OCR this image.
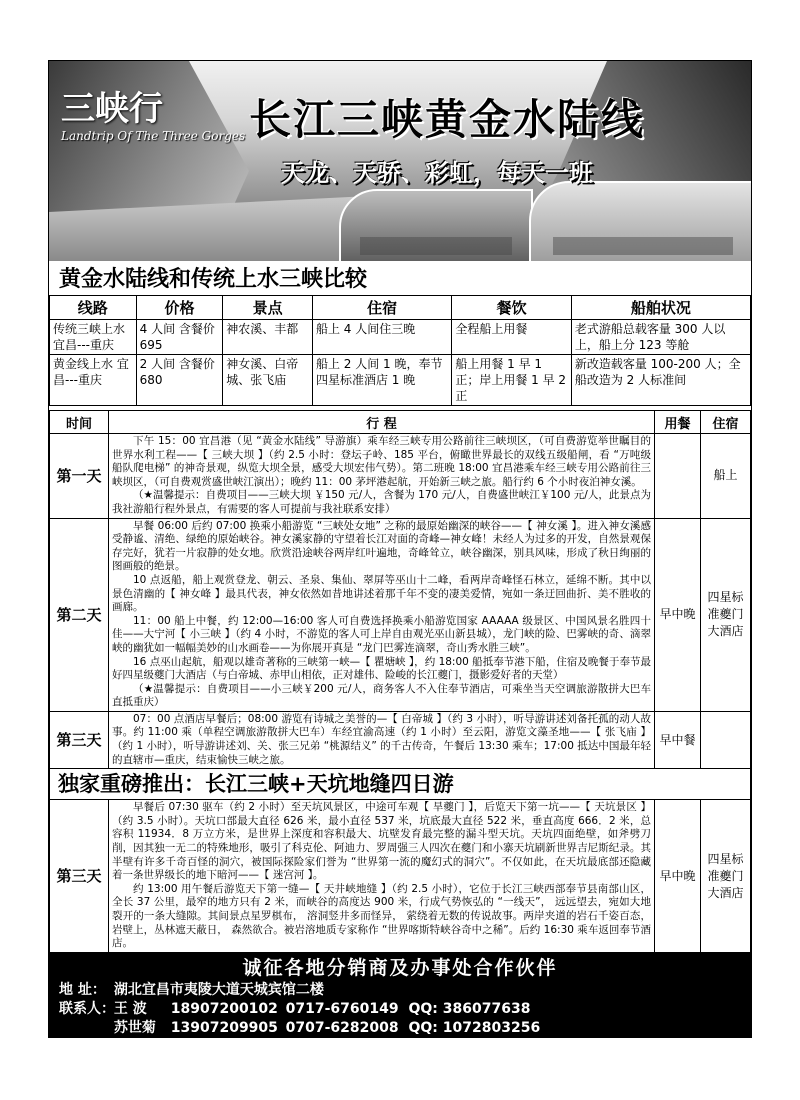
三峡行
Landtrip Of The Three Gorges 长江三峡黄金水陆线
天龙、天骄、彩虹，每天一班
黄金水陆线和传统上水三峡比较
线路	价格	景点	住宿	餐饮	船舶状况
传统三峡上水 宜昌---重庆	4 人间 含餐价 695	神农溪、丰都	船上 4 人间住三晚	全程船上用餐	老式游船总载客量 300 人以上，船上分 123 等舱
黄金线上水 宜昌---重庆	2 人间 含餐价 680	神女溪、白帝城、张飞庙	船上 2 人间 1 晚，奉节四星标准酒店 1 晚	船上用餐 1 早 1 正；岸上用餐 1 早 2 正	新改造载客量 100-200 人；全船改造为 2 人标准间
时间	行 程	用餐	住宿
第一天	下午 15：00 宜昌港（见 “黄金水陆线” 导游旗）乘车经三峡专用公路前往三峡坝区，（可自费游览举世瞩目的世界水利工程——【 三峡大坝 】（约 2.5 小时：登坛子岭、185 平台，俯瞰世界最长的双线五级船闸，看 “万吨级船队爬电梯” 的神奇景观，纵览大坝全景，感受大坝宏伟气势）。第二班晚 18:00 宜昌港乘车经三峡专用公路前往三峡坝区，（可自费观赏盛世峡江演出）；晚约 11：00 茅坪港起航，开始新三峡之旅。船行约 6 个小时夜泊神女溪。

（★温馨提示：自费项目——三峡大坝 ￥150 元/人，含餐为 170 元/人，自费盛世峡江￥100 元/人，此景点为我社游船行程外景点，有需要的客人可提前与我社联系安排）		船上
第二天	早餐 06:00 后约 07:00 换乘小船游览 “三峡处女地” 之称的最原始幽深的峡谷——【 神女溪 】。进入神女溪感受静谧、清绝、绿绝的原始峡谷。神女溪家静的守望着长江对面的奇峰—神女峰！未经人为过多的开发，自然景观保存完好，犹若一片寂静的处女地。欣赏沿途峡谷两岸红叶遍地，奇峰耸立，峡谷幽深，别具风味，形成了秋日绚丽的图画般的绝景。

10 点返船，船上观赏登龙、朝云、圣泉、集仙、翠屏等巫山十二峰，看两岸奇峰怪石林立，延绵不断。其中以景色清幽的【 神女峰 】最具代表，神女依然如昔地讲述着那千年不变的凄美爱情，宛如一条迂回曲折、美不胜收的画廊。

11：00 船上中餐，约 12:00—16:00 客人可自费选择换乘小船游览国家 AAAAA 级景区、中国风景名胜四十佳——大宁河【 小三峡 】（约 4 小时，不游览的客人可上岸自由观光巫山新县城），龙门峡的险、巴雾峡的奇、滴翠峡的幽犹如一幅幅美妙的山水画卷——为你展开真是 “龙门巴雾连滴翠，奇山秀水胜三峡”。

16 点巫山起航，船观以雄奇著称的三峡第一峡—【 瞿塘峡 】，约 18:00 船抵奉节港下船，住宿及晚餐于奉节最好四星级夔门大酒店（与白帝城、赤甲山相依，正对雄伟、险峻的长江夔门，摄影爱好者的天堂）

（★温馨提示：自费项目——小三峡￥200 元/人，商务客人不入住奉节酒店，可乘坐当天空调旅游散拼大巴车直抵重庆）	早中晚	四星标准夔门大酒店
第三天	07：00 点酒店早餐后；08:00 游览有诗城之美誉的—【 白帝城 】（约 3 小时），听导游讲述刘备托孤的动人故事。约 11:00 乘（单程空调旅游散拼大巴车）车经宜渝高速（约 1 小时）至云阳，游览文藻圣地——【 张飞庙 】（约 1 小时），听导游讲述刘、关、张三兄弟 “桃源结义” 的千古传奇，午餐后 13:30 乘车；17:00 抵达中国最年轻的直辖市—重庆，结束愉快三峡之旅。	早中餐	
独家重磅推出：长江三峡+天坑地缝四日游
第三天	

早餐后 07:30 驱车（约 2 小时）至天坑风景区，中途可车观【 旱夔门 】，后览天下第一坑——【 天坑景区 】（约 3.5 小时）。天坑口部最大直径 626 米，最小直径 537 米，坑底最大直径 522 米，垂直高度 666．2 米，总容积 11934．8 万立方米，是世界上深度和容积最大、坑壁发育最完整的漏斗型天坑。天坑四面绝壁，如斧劈刀削，因其独一无二的特殊地形，吸引了科克伦、阿迪力、罗周强三人四次在夔门和小寨天坑刷新世界吉尼斯纪录。其半壁有许多千奇百怪的洞穴，被国际探险家们誉为 “世界第一流的魔幻式的洞穴”。不仅如此，在天坑最底部还隐藏着一条世界级长的地下暗河——【 迷宫河 】。

约 13:00 用午餐后游览天下第一缝—【 天井峡地缝 】（约 2.5 小时），它位于长江三峡西部奉节县南部山区，全长 37 公里，最窄的地方只有 2 米，而峡谷的高度达 900 米，行成气势恢弘的 “一线天”， 远远望去，宛如大地裂开的一条大缝隙。其间景点星罗棋布， 溶洞竖井多而怪异， 萦绕着无数的传说故事。两岸夹道的岩石千姿百态，岩壁上，丛林遮天蔽日， 森然欲合。被岩溶地质专家称作 “世界喀斯特峡谷奇中之稀”。后约 16:30 乘车返回奉节酒店。

	早中晚	四星标准夔门大酒店
诚征各地分销商及办事处合作伙伴
地 址： 湖北宜昌市夷陵大道天城宾馆二楼
联系人： 王 波 18907200102 0717-6760149 QQ: 386077638
苏世菊 13907209905 0707-6282008 QQ: 1072803256
